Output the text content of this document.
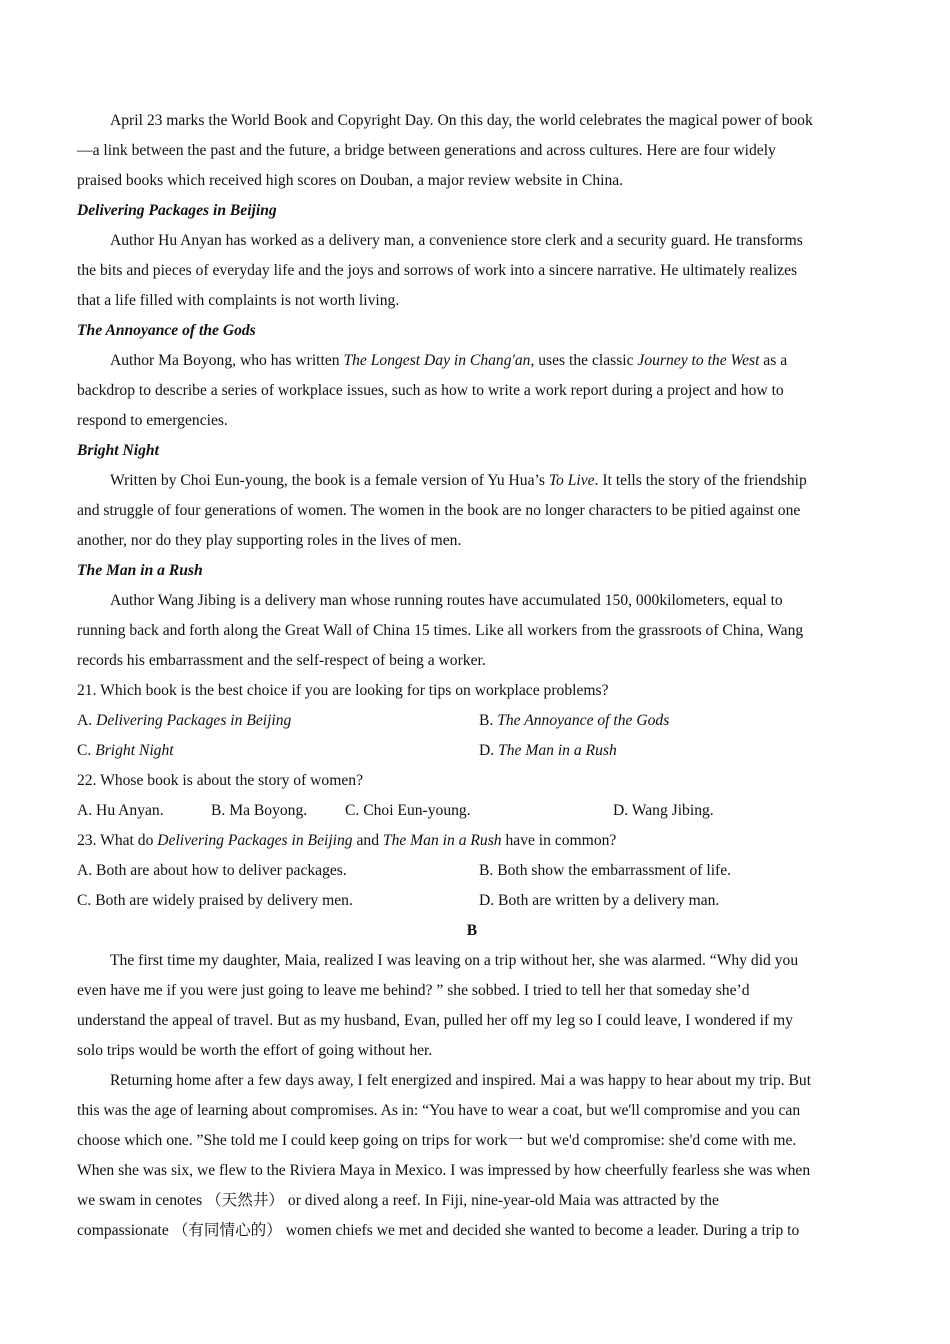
April 23 marks the World Book and Copyright Day. On this day, the world celebrates the magical power of book
—a link between the past and the future, a bridge between generations and across cultures. Here are four widely
praised books which received high scores on Douban, a major review website in China.
Delivering Packages in Beijing
Author Hu Anyan has worked as a delivery man, a convenience store clerk and a security guard. He transforms
the bits and pieces of everyday life and the joys and sorrows of work into a sincere narrative. He ultimately realizes
that a life filled with complaints is not worth living.
The Annoyance of the Gods
Author Ma Boyong, who has written The Longest Day in Chang'an, uses the classic Journey to the West as a
backdrop to describe a series of workplace issues, such as how to write a work report during a project and how to
respond to emergencies.
Bright Night
Written by Choi Eun-young, the book is a female version of Yu Hua’s To Live. It tells the story of the friendship
and struggle of four generations of women. The women in the book are no longer characters to be pitied against one
another, nor do they play supporting roles in the lives of men.
The Man in a Rush
Author Wang Jibing is a delivery man whose running routes have accumulated 150, 000kilometers, equal to
running back and forth along the Great Wall of China 15 times. Like all workers from the grassroots of China, Wang
records his embarrassment and the self-respect of being a worker.
21. Which book is the best choice if you are looking for tips on workplace problems?
A. Delivering Packages in Beijing	B. The Annoyance of the Gods
C. Bright Night	D. The Man in a Rush
22. Whose book is about the story of women?
A. Hu Anyan.	B. Ma Boyong. C. Choi Eun-young.	D. Wang Jibing.
23. What do Delivering Packages in Beijing and The Man in a Rush have in common?
A. Both are about how to deliver packages.	B. Both show the embarrassment of life.
C. Both are widely praised by delivery men.	D. Both are written by a delivery man.
B
The first time my daughter, Maia, realized I was leaving on a trip without her, she was alarmed. “Why did you
even have me if you were just going to leave me behind? ” she sobbed. I tried to tell her that someday she’d
understand the appeal of travel. But as my husband, Evan, pulled her off my leg so I could leave, I wondered if my
solo trips would be worth the effort of going without her.
Returning home after a few days away, I felt energized and inspired. Mai a was happy to hear about my trip. But
this was the age of learning about compromises. As in: “You have to wear a coat, but we'll compromise and you can
choose which one. ”She told me I could keep going on trips for work一 but we'd compromise: she'd come with me.
When she was six, we flew to the Riviera Maya in Mexico. I was impressed by how cheerfully fearless she was when
we swam in cenotes （天然井） or dived along a reef. In Fiji, nine-year-old Maia was attracted by the
compassionate （有同情心的） women chiefs we met and decided she wanted to become a leader. During a trip to
